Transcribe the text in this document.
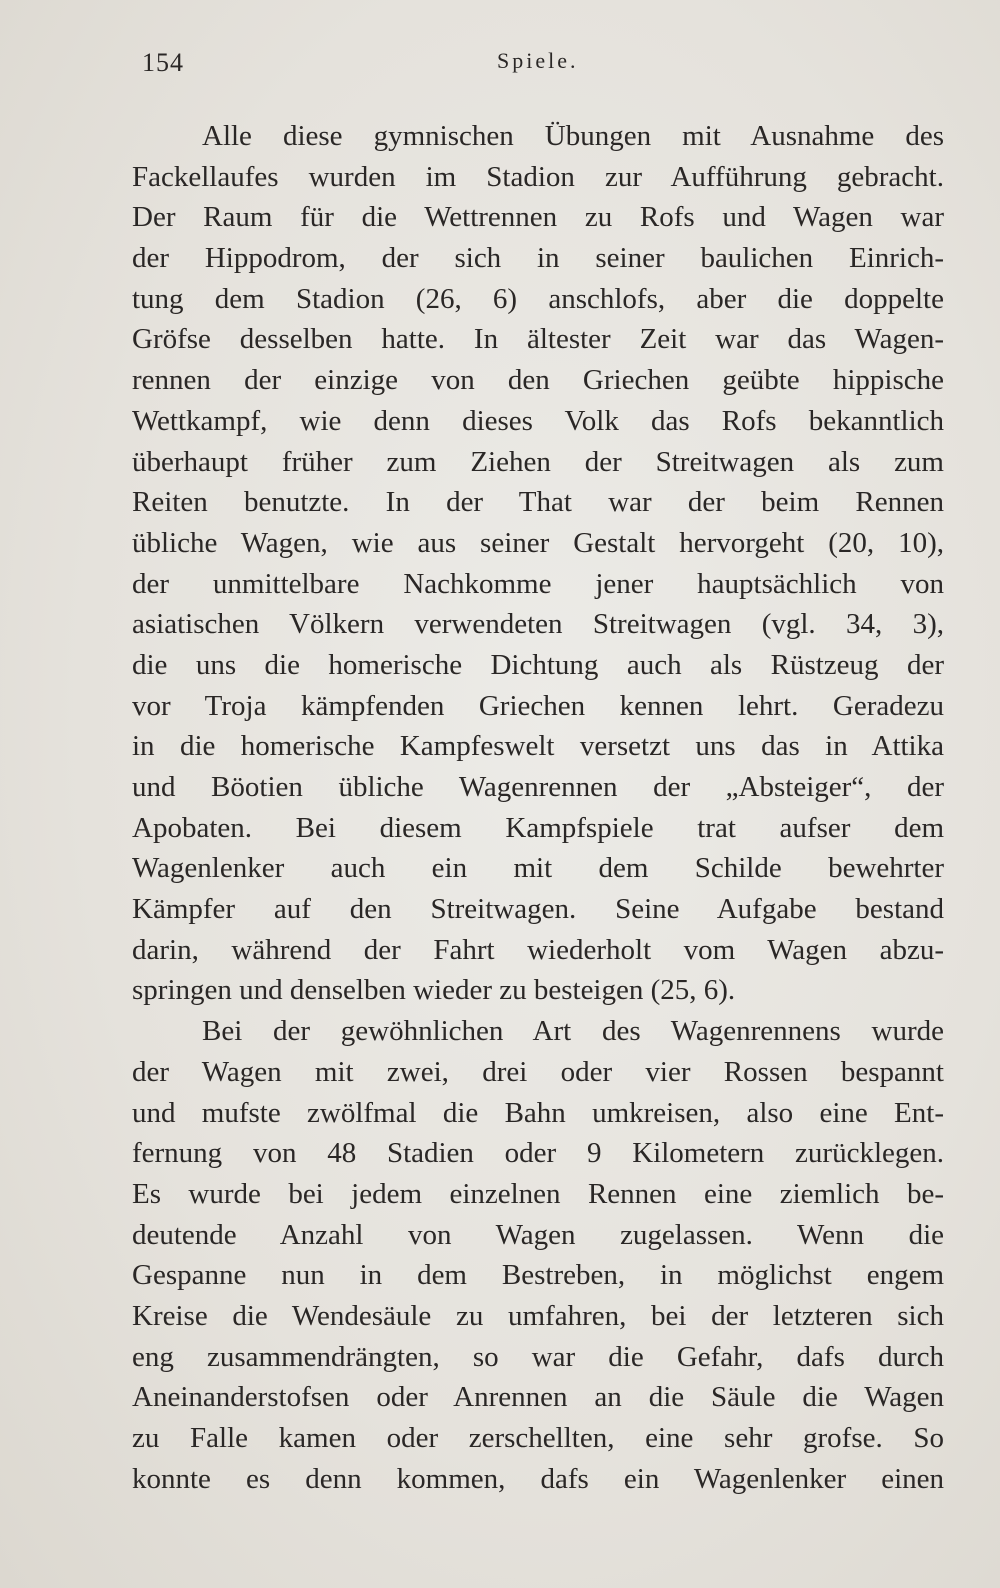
154	Spiele.
Alle diese gymnischen Übungen mit Ausnahme des
Fackellaufes wurden im Stadion zur Aufführung gebracht.
Der Raum für die Wettrennen zu Rofs und Wagen war
der Hippodrom, der sich in seiner baulichen Einrich-
tung dem Stadion (26, 6) anschlofs, aber die doppelte
Gröfse desselben hatte. In ältester Zeit war das Wagen-
rennen der einzige von den Griechen geübte hippische
Wettkampf, wie denn dieses Volk das Rofs bekanntlich
überhaupt früher zum Ziehen der Streitwagen als zum
Reiten benutzte. In der That war der beim Rennen
übliche Wagen, wie aus seiner Gestalt hervorgeht (20, 10),
der unmittelbare Nachkomme jener hauptsächlich von
asiatischen Völkern verwendeten Streitwagen (vgl. 34, 3),
die uns die homerische Dichtung auch als Rüstzeug der
vor Troja kämpfenden Griechen kennen lehrt. Geradezu
in die homerische Kampfeswelt versetzt uns das in Attika
und Böotien übliche Wagenrennen der „Absteiger“, der
Apobaten. Bei diesem Kampfspiele trat aufser dem
Wagenlenker auch ein mit dem Schilde bewehrter
Kämpfer auf den Streitwagen. Seine Aufgabe bestand
darin, während der Fahrt wiederholt vom Wagen abzu-
springen und denselben wieder zu besteigen (25, 6).
Bei der gewöhnlichen Art des Wagenrennens wurde
der Wagen mit zwei, drei oder vier Rossen bespannt
und mufste zwölfmal die Bahn umkreisen, also eine Ent-
fernung von 48 Stadien oder 9 Kilometern zurücklegen.
Es wurde bei jedem einzelnen Rennen eine ziemlich be-
deutende Anzahl von Wagen zugelassen. Wenn die
Gespanne nun in dem Bestreben, in möglichst engem
Kreise die Wendesäule zu umfahren, bei der letzteren sich
eng zusammendrängten, so war die Gefahr, dafs durch
Aneinanderstofsen oder Anrennen an die Säule die Wagen
zu Falle kamen oder zerschellten, eine sehr grofse. So
konnte es denn kommen, dafs ein Wagenlenker einen
